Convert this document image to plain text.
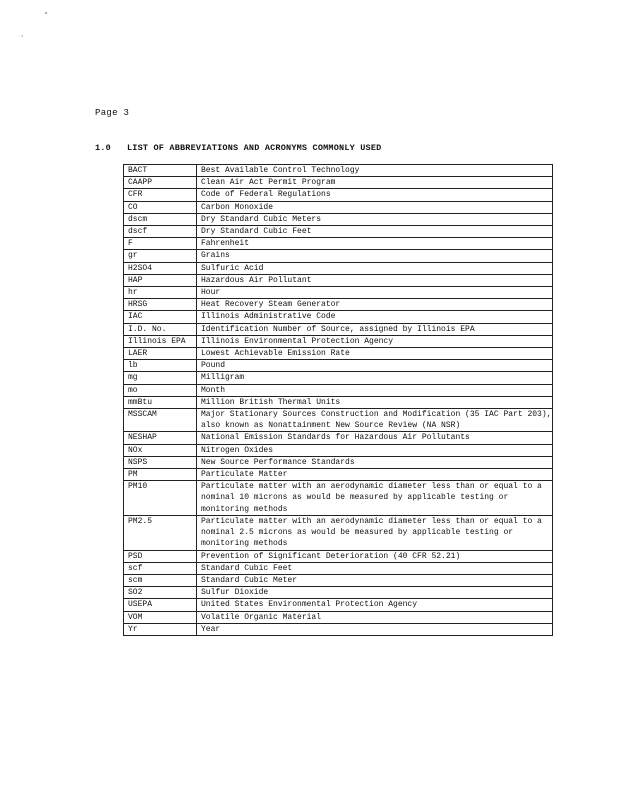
°
·
Page 3
1.0 LIST OF ABBREVIATIONS AND ACRONYMS COMMONLY USED
BACT	Best Available Control Technology
CAAPP	Clean Air Act Permit Program
CFR	Code of Federal Regulations
CO	Carbon Monoxide
dscm	Dry Standard Cubic Meters
dscf	Dry Standard Cubic Feet
F	Fahrenheit
gr	Grains
H2SO4	Sulfuric Acid
HAP	Hazardous Air Pollutant
hr	Hour
HRSG	Heat Recovery Steam Generator
IAC	Illinois Administrative Code
I.D. No.	Identification Number of Source, assigned by Illinois EPA
Illinois EPA	Illinois Environmental Protection Agency
LAER	Lowest Achievable Emission Rate
lb	Pound
mg	Milligram
mo	Month
mmBtu	Million British Thermal Units
MSSCAM	Major Stationary Sources Construction and Modification (35 IAC Part 203), also known as Nonattainment New Source Review (NA NSR)
NESHAP	National Emission Standards for Hazardous Air Pollutants
NOx	Nitrogen Oxides
NSPS	New Source Performance Standards
PM	Particulate Matter
PM10	Particulate matter with an aerodynamic diameter less than or equal to a nominal 10 microns as would be measured by applicable testing or monitoring methods
PM2.5	Particulate matter with an aerodynamic diameter less than or equal to a nominal 2.5 microns as would be measured by applicable testing or monitoring methods
PSD	Prevention of Significant Deterioration (40 CFR 52.21)
scf	Standard Cubic Feet
scm	Standard Cubic Meter
SO2	Sulfur Dioxide
USEPA	United States Environmental Protection Agency
VOM	Volatile Organic Material
Yr	Year
